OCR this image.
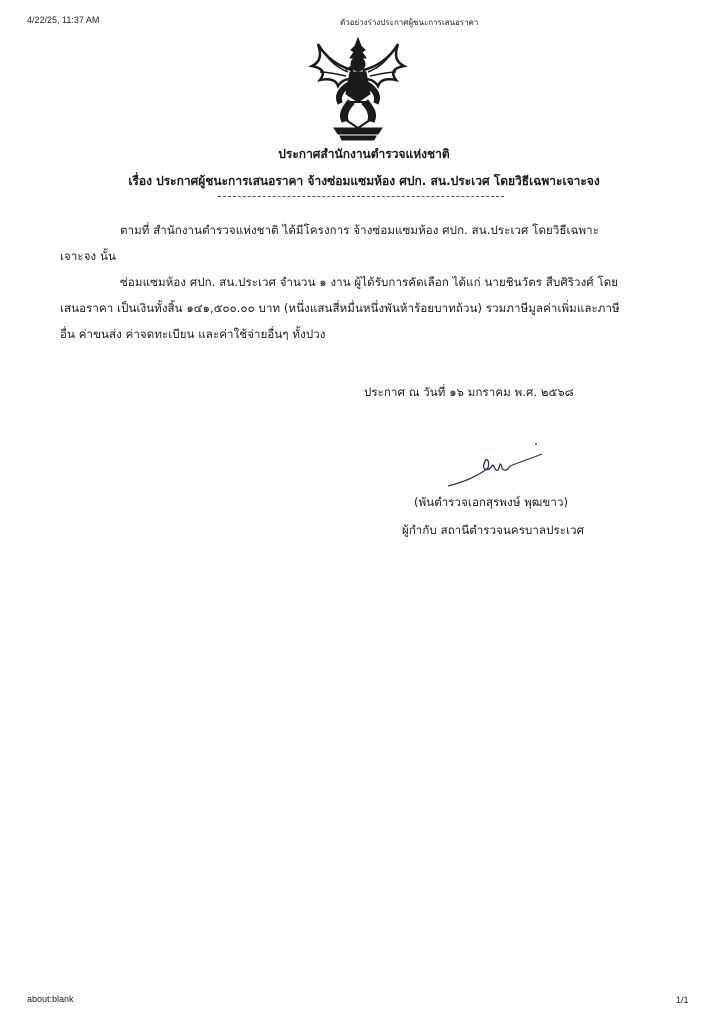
4/22/25, 11:37 AM	ตัวอย่างร่างประกาศผู้ชนะการเสนอราคา
ประกาศสำนักงานตำรวจแห่งชาติ
เรื่อง ประกาศผู้ชนะการเสนอราคา จ้างซ่อมแซมห้อง ศปก. สน.ประเวศ โดยวิธีเฉพาะเจาะจง
ตามที่ สำนักงานตำรวจแห่งชาติ ได้มีโครงการ จ้างซ่อมแซมห้อง ศปก. สน.ประเวศ โดยวิธีเฉพาะ
เจาะจง นั้น
ซ่อมแซมห้อง ศปก. สน.ประเวศ จำนวน ๑ งาน ผู้ได้รับการคัดเลือก ได้แก่ นายชินวัตร สืบศิริวงศ์ โดย
เสนอราคา เป็นเงินทั้งสิ้น ๑๔๑,๕๐๐.๐๐ บาท (หนึ่งแสนสี่หมื่นหนึ่งพันห้าร้อยบาทถ้วน) รวมภาษีมูลค่าเพิ่มและภาษี
อื่น ค่าขนส่ง ค่าจดทะเบียน และค่าใช้จ่ายอื่นๆ ทั้งปวง
ประกาศ ณ วันที่ ๑๖ มกราคม พ.ศ. ๒๕๖๘
(พันตำรวจเอกสุรพงษ์ พุฒขาว)
ผู้กำกับ สถานีตำรวจนครบาลประเวศ
about:blank	1/1
